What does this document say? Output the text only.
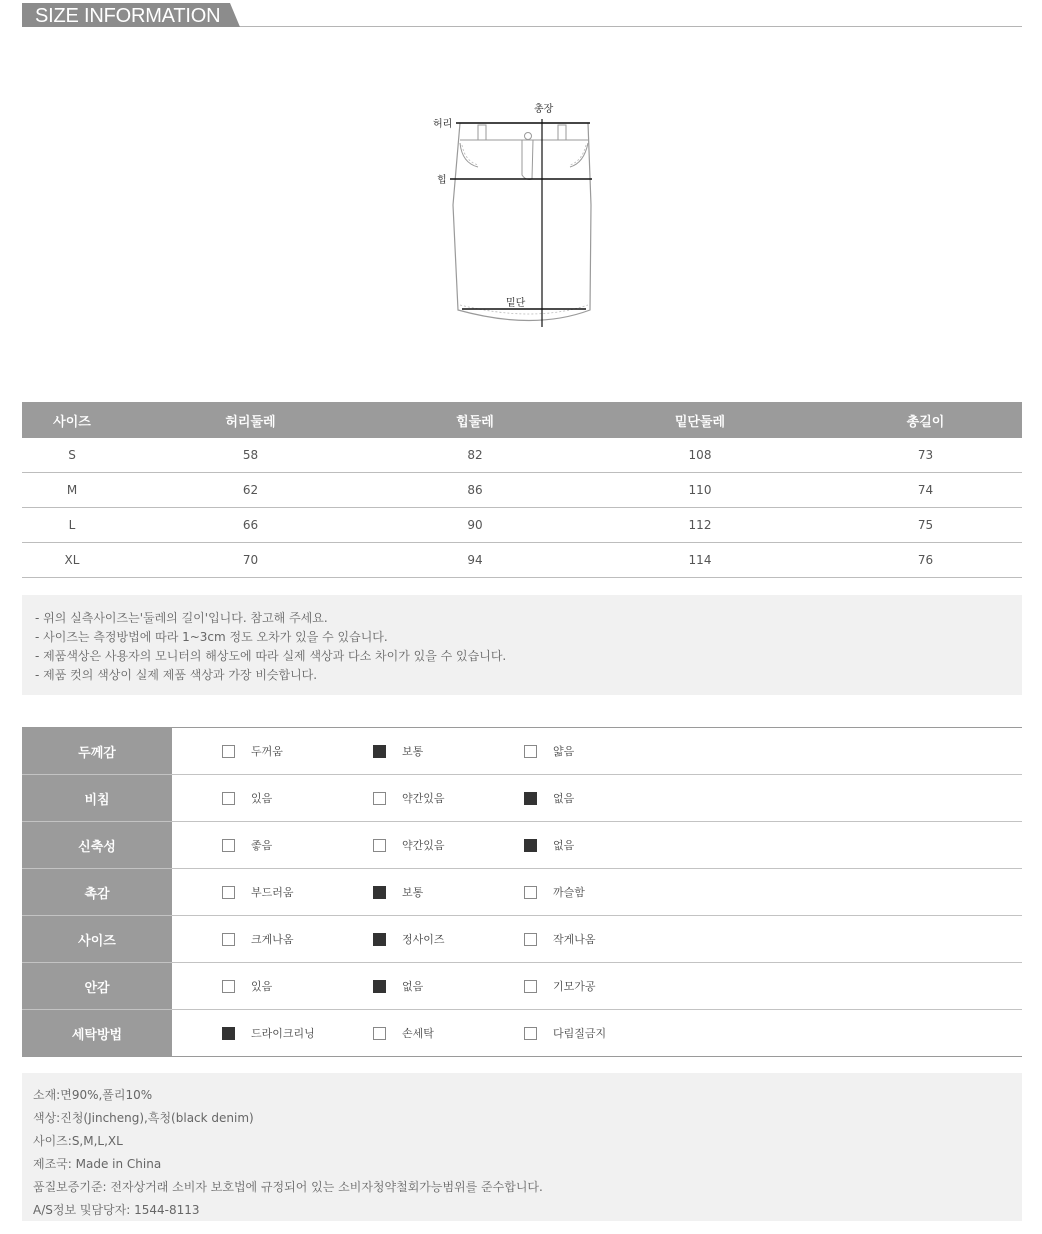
SIZE INFORMATION
허리
총장
힙
밑단
사이즈	허리둘레	힙둘레	밑단둘레	총길이
S	58	82	108	73
M	62	86	110	74
L	66	90	112	75
XL	70	94	114	76
- 위의 실측사이즈는'둘레의 길이'입니다. 참고해 주세요.
- 사이즈는 측정방법에 따라 1~3cm 정도 오차가 있을 수 있습니다.
- 제품색상은 사용자의 모니터의 해상도에 따라 실제 색상과 다소 차이가 있을 수 있습니다.
- 제품 컷의 색상이 실제 제품 색상과 가장 비슷합니다.
두께감	두꺼움	보통	얇음
비침	있음	약간있음	없음
신축성	좋음	약간있음	없음
촉감	부드러움	보통	까슬함
사이즈	크게나옴	정사이즈	작게나옴
안감	있음	없음	기모가공
세탁방법	드라이크리닝	손세탁	다림질금지
소재:면90%,폴리10%
색상:진청(Jincheng),흑청(black denim)
사이즈:S,M,L,XL
제조국: Made in China
품질보증기준: 전자상거래 소비자 보호법에 규정되어 있는 소비자청약철회가능범위를 준수합니다.
A/S정보 및담당자: 1544-8113
